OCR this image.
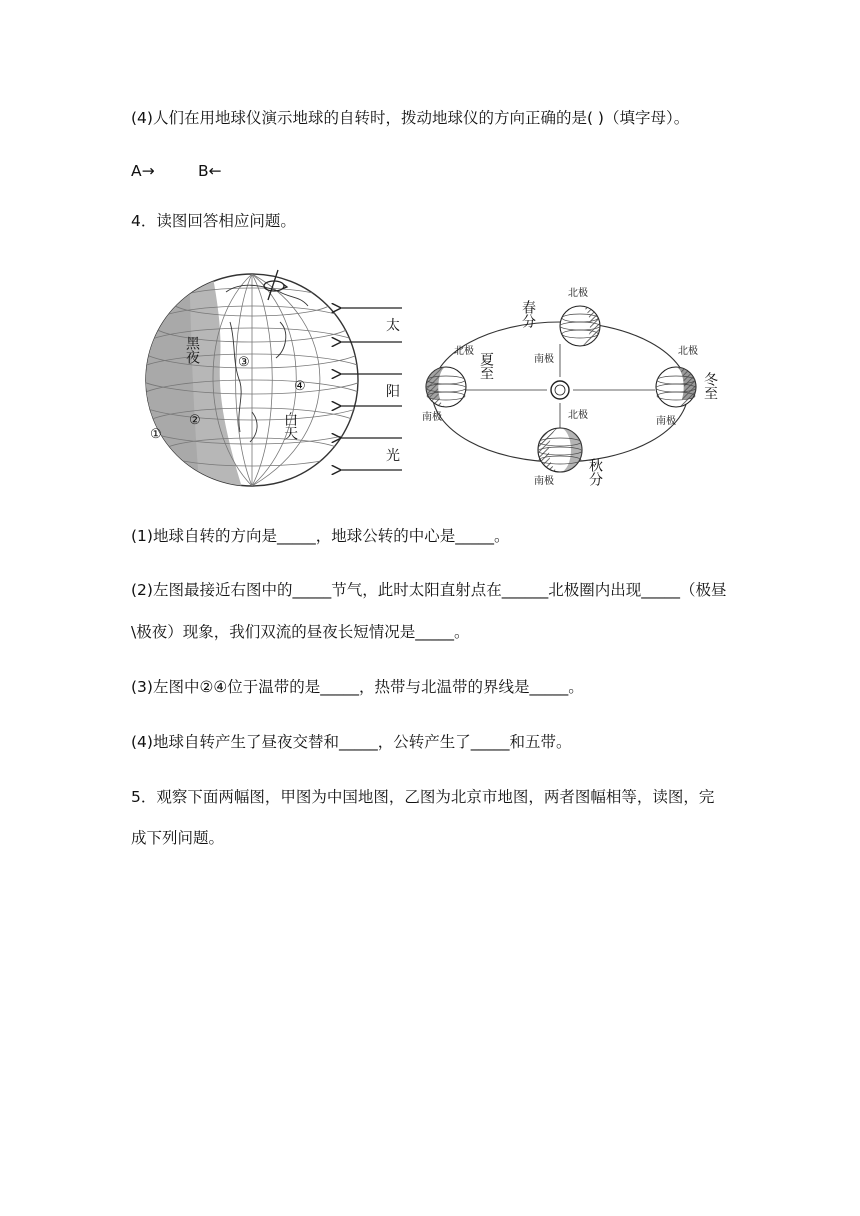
(4)人们在用地球仪演示地球的自转时，拨动地球仪的方向正确的是( )（填字母）。
A→	B←
4．读图回答相应问题。
黑夜
白天
①
②
③
④
太
阳
光
春分
夏至
秋分
冬至
北极
南极
北极
南极	北极
南极
北极
南极
(1)地球自转的方向是_____，地球公转的中心是_____。
(2)左图最接近右图中的_____节气，此时太阳直射点在______北极圈内出现_____（极昼
\极夜）现象，我们双流的昼夜长短情况是_____。
(3)左图中②④位于温带的是_____，热带与北温带的界线是_____。
(4)地球自转产生了昼夜交替和_____，公转产生了_____和五带。
5．观察下面两幅图，甲图为中国地图，乙图为北京市地图，两者图幅相等，读图，完
成下列问题。
